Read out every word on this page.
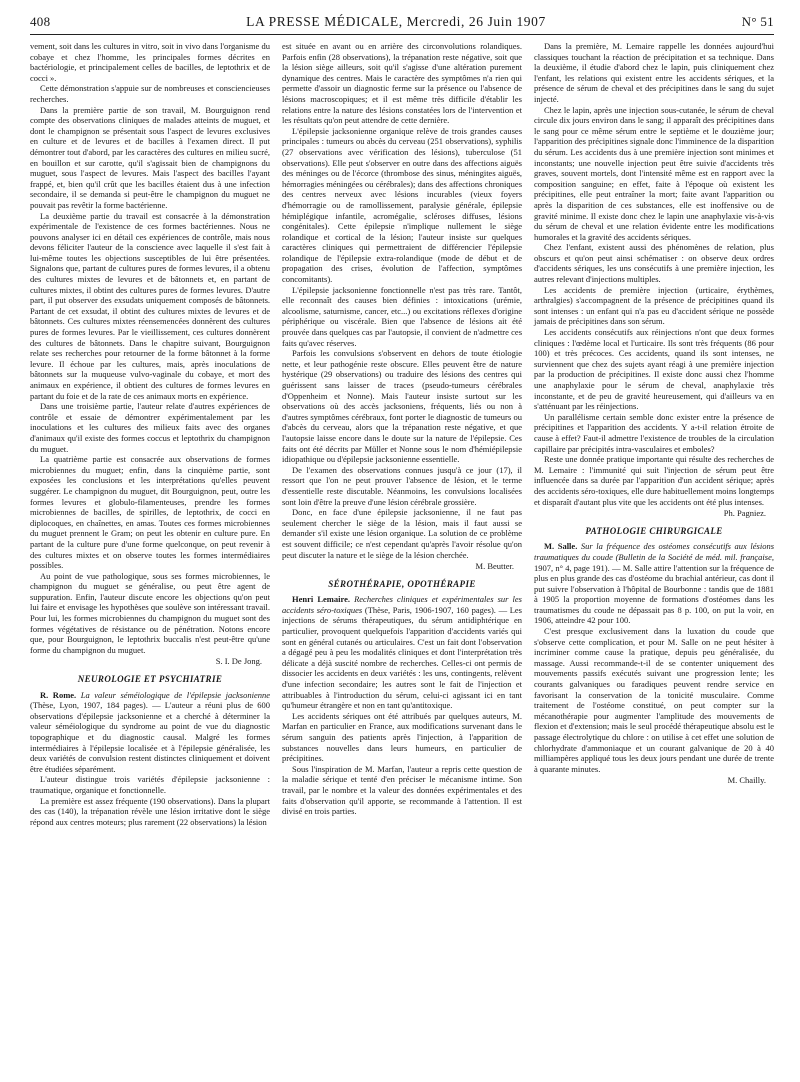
408	LA PRESSE MÉDICALE, Mercredi, 26 Juin 1907	N° 51

vement, soit dans les cultures in vitro, soit in vivo dans l'organisme du cobaye et chez l'homme, les principales formes décrites en bactériologie, et principalement celles de bacilles, de leptothrix et de cocci ».

Cette démonstration s'appuie sur de nombreuses et consciencieuses recherches.

Dans la première partie de son travail, M. Bourguignon rend compte des observations cliniques de malades atteints de muguet, et dont le champignon se présentait sous l'aspect de levures exclusives en culture et de levures et de bacilles à l'examen direct. Il put démontrer tout d'abord, par les caractères des cultures en milieu sucré, en bouillon et sur carotte, qu'il s'agissait bien de champignons du muguet, sous l'aspect de levures. Mais l'aspect des bacilles l'ayant frappé, et, bien qu'il crût que les bacilles étaient dus à une infection secondaire, il se demanda si peut-être le champignon du muguet ne pouvait pas revêtir la forme bactérienne.

La deuxième partie du travail est consacrée à la démonstration expérimentale de l'existence de ces formes bactériennes. Nous ne pouvons analyser ici en détail ces expériences de contrôle, mais nous devons féliciter l'auteur de la conscience avec laquelle il s'est fait à lui-même toutes les objections susceptibles de lui être présentées. Signalons que, partant de cultures pures de formes levures, il a obtenu des cultures mixtes de levures et de bâtonnets et, en partant de cultures mixtes, il obtint des cultures pures de formes levures. D'autre part, il put observer des exsudats uniquement composés de bâtonnets. Partant de cet exsudat, il obtint des cultures mixtes de levures et de bâtonnets. Ces cultures mixtes réensemencées donnèrent des cultures pures de formes levures. Par le vieillissement, ces cultures donnèrent des cultures de bâtonnets. Dans le chapitre suivant, Bourguignon relate ses recherches pour retourner de la forme bâtonnet à la forme levure. Il échoue par les cultures, mais, après inoculations de bâtonnets sur la muqueuse vulvo-vaginale du cobaye, et mort des animaux en expérience, il obtient des cultures de formes levures en partant du foie et de la rate de ces animaux morts en expérience.

Dans une troisième partie, l'auteur relate d'autres expériences de contrôle et essaie de démontrer expérimentalement par les inoculations et les cultures des milieux faits avec des organes d'animaux qu'il existe des formes coccus et leptothrix du champignon du muguet.

La quatrième partie est consacrée aux observations de formes microbiennes du muguet; enfin, dans la cinquième partie, sont exposées les conclusions et les interprétations qu'elles peuvent suggérer. Le champignon du muguet, dit Bourguignon, peut, outre les formes levures et globulo-filamenteuses, prendre les formes microbiennes de bacilles, de spirilles, de leptothrix, de cocci en diplocoques, en chaînettes, en amas. Toutes ces formes microbiennes du muguet prennent le Gram; on peut les obtenir en culture pure. En partant de la culture pure d'une forme quelconque, on peut revenir à des cultures mixtes et on observe toutes les formes intermédiaires possibles.

Au point de vue pathologique, sous ses formes microbiennes, le champignon du muguet se généralise, ou peut être agent de suppuration. Enfin, l'auteur discute encore les objections qu'on peut lui faire et envisage les hypothèses que soulève son intéressant travail. Pour lui, les formes microbiennes du champignon du muguet sont des formes végétatives de résistance ou de pénétration. Notons encore que, pour Bourguignon, le leptothrix buccalis n'est peut-être qu'une forme du champignon du muguet.

S. I. De Jong.
NEUROLOGIE ET PSYCHIATRIE

R. Rome. La valeur séméiologique de l'épilepsie jacksonienne (Thèse, Lyon, 1907, 184 pages). — L'auteur a réuni plus de 600 observations d'épilepsie jacksonienne et a cherché à déterminer la valeur séméiologique du syndrome au point de vue du diagnostic topographique et du diagnostic causal. Malgré les formes intermédiaires à l'épilepsie localisée et à l'épilepsie généralisée, les deux variétés de convulsion restent distinctes cliniquement et doivent être étudiées séparément.

L'auteur distingue trois variétés d'épilepsie jacksonienne : traumatique, organique et fonctionnelle.

La première est assez fréquente (190 observations). Dans la plupart des cas (140), la trépanation révèle une lésion irritative dont le siège répond aux centres moteurs; plus rarement (22 observations) la lésion

est située en avant ou en arrière des circonvolutions rolandiques. Parfois enfin (28 observations), la trépanation reste négative, soit que la lésion siège ailleurs, soit qu'il s'agisse d'une altération purement dynamique des centres. Mais le caractère des symptômes n'a rien qui permette d'assoir un diagnostic ferme sur la présence ou l'absence de lésions macroscopiques; et il est même très difficile d'établir les relations entre la nature des lésions constatées lors de l'intervention et les résultats qu'on peut attendre de cette dernière.

L'épilepsie jacksonienne organique relève de trois grandes causes principales : tumeurs ou abcès du cerveau (251 observations), syphilis (27 observations avec vérification des lésions), tuberculose (51 observations). Elle peut s'observer en outre dans des affections aiguës des méninges ou de l'écorce (thrombose des sinus, méningites aiguës, hémorragies méningées ou cérébrales); dans des affections chroniques des centres nerveux avec lésions incurables (vieux foyers d'hémorragie ou de ramollissement, paralysie générale, épilepsie hémiplégique infantile, acromégalie, scléroses diffuses, lésions congénitales). Cette épilepsie n'implique nullement le siège rolandique et cortical de la lésion; l'auteur insiste sur quelques caractères cliniques qui permettraient de différencier l'épilepsie rolandique de l'épilepsie extra-rolandique (mode de début et de propagation des crises, évolution de l'affection, symptômes concomitants).

L'épilepsie jacksonienne fonctionnelle n'est pas très rare. Tantôt, elle reconnaît des causes bien définies : intoxications (urémie, alcoolisme, saturnisme, cancer, etc...) ou excitations réflexes d'origine périphérique ou viscérale. Bien que l'absence de lésions ait été prouvée dans quelques cas par l'autopsie, il convient de n'admettre ces faits qu'avec réserves.

Parfois les convulsions s'observent en dehors de toute étiologie nette, et leur pathogénie reste obscure. Elles peuvent être de nature hystérique (29 observations) ou traduire des lésions des centres qui guérissent sans laisser de traces (pseudo-tumeurs cérébrales d'Oppenheim et Nonne). Mais l'auteur insiste surtout sur les observations où des accès jacksoniens, fréquents, liés ou non à d'autres symptômes cérébraux, font porter le diagnostic de tumeurs ou d'abcès du cerveau, alors que la trépanation reste négative, et que l'autopsie laisse encore dans le doute sur la nature de l'épilepsie. Ces faits ont été décrits par Müller et Nonne sous le nom d'hémiépilepsie idiopathique ou d'épilepsie jacksonienne essentielle.

De l'examen des observations connues jusqu'à ce jour (17), il ressort que l'on ne peut prouver l'absence de lésion, et le terme d'essentielle reste discutable. Néanmoins, les convulsions localisées sont loin d'être la preuve d'une lésion cérébrale grossière.

Donc, en face d'une épilepsie jacksonienne, il ne faut pas seulement chercher le siège de la lésion, mais il faut aussi se demander s'il existe une lésion organique. La solution de ce problème est souvent difficile; ce n'est cependant qu'après l'avoir résolue qu'on peut discuter la nature et le siège de la lésion cherchée.

M. Beutter.
SÉROTHÉRAPIE, OPOTHÉRAPIE

Henri Lemaire. Recherches cliniques et expérimentales sur les accidents séro-toxiques (Thèse, Paris, 1906-1907, 160 pages). — Les injections de sérums thérapeutiques, du sérum antidiphtérique en particulier, provoquent quelquefois l'apparition d'accidents variés qui sont en général cutanés ou articulaires. C'est un fait dont l'observation a dégagé peu à peu les modalités cliniques et dont l'interprétation très délicate a déjà suscité nombre de recherches. Celles-ci ont permis de dissocier les accidents en deux variétés : les uns, contingents, relèvent d'une infection secondaire; les autres sont le fait de l'injection et attribuables à l'introduction du sérum, celui-ci agissant ici en tant qu'humeur étrangère et non en tant qu'antitoxique.

Les accidents sériques ont été attribués par quelques auteurs, M. Marfan en particulier en France, aux modifications survenant dans le sérum sanguin des patients après l'injection, à l'apparition de substances nouvelles dans leurs humeurs, en particulier de précipitines.

Sous l'inspiration de M. Marfan, l'auteur a repris cette question de la maladie sérique et tenté d'en préciser le mécanisme intime. Son travail, par le nombre et la valeur des données expérimentales et des faits d'observation qu'il apporte, se recommande à l'attention. Il est divisé en trois parties.

Dans la première, M. Lemaire rappelle les données aujourd'hui classiques touchant la réaction de précipitation et sa technique. Dans la deuxième, il étudie d'abord chez le lapin, puis cliniquement chez l'enfant, les relations qui existent entre les accidents sériques, et la présence de sérum de cheval et des précipitines dans le sang du sujet injecté.

Chez le lapin, après une injection sous-cutanée, le sérum de cheval circule dix jours environ dans le sang; il apparaît des précipitines dans le sang pour ce même sérum entre le septième et le douzième jour; l'apparition des précipitines signale donc l'imminence de la disparition du sérum. Les accidents dus à une première injection sont minimes et inconstants; une nouvelle injection peut être suivie d'accidents très graves, souvent mortels, dont l'intensité même est en rapport avec la composition sanguine; en effet, faite à l'époque où existent les précipitines, elle peut entraîner la mort; faite avant l'apparition ou après la disparition de ces substances, elle est inoffensive ou de gravité minime. Il existe donc chez le lapin une anaphylaxie vis-à-vis du sérum de cheval et une relation évidente entre les modifications humorales et la gravité des accidents sériques.

Chez l'enfant, existent aussi des phénomènes de relation, plus obscurs et qu'on peut ainsi schématiser : on observe deux ordres d'accidents sériques, les uns consécutifs à une première injection, les autres relevant d'injections multiples.

Les accidents de première injection (urticaire, érythèmes, arthralgies) s'accompagnent de la présence de précipitines quand ils sont intenses : un enfant qui n'a pas eu d'accident sérique ne possède jamais de précipitines dans son sérum.

Les accidents consécutifs aux réinjections n'ont que deux formes cliniques : l'œdème local et l'urticaire. Ils sont très fréquents (86 pour 100) et très précoces. Ces accidents, quand ils sont intenses, ne surviennent que chez des sujets ayant réagi à une première injection par la production de précipitines. Il existe donc aussi chez l'homme une anaphylaxie pour le sérum de cheval, anaphylaxie très inconstante, et de peu de gravité heureusement, qui d'ailleurs va en s'atténuant par les réinjections.

Un parallélisme certain semble donc exister entre la présence de précipitines et l'apparition des accidents. Y a-t-il relation étroite de cause à effet? Faut-il admettre l'existence de troubles de la circulation capillaire par précipités intra-vasculaires et emboles?

Reste une donnée pratique importante qui résulte des recherches de M. Lemaire : l'immunité qui suit l'injection de sérum peut être influencée dans sa durée par l'apparition d'un accident sérique; après des accidents séro-toxiques, elle dure habituellement moins longtemps et disparaît d'autant plus vite que les accidents ont été plus intenses.

Ph. Pagniez.
PATHOLOGIE CHIRURGICALE

M. Salle. Sur la fréquence des ostéomes consécutifs aux lésions traumatiques du coude (Bulletin de la Société de méd. mil. française, 1907, n° 4, page 191). — M. Salle attire l'attention sur la fréquence de plus en plus grande des cas d'ostéome du brachial antérieur, cas dont il put suivre l'observation à l'hôpital de Bourbonne : tandis que de 1881 à 1905 la proportion moyenne de formations d'ostéomes dans les traumatismes du coude ne dépassait pas 8 p. 100, on put la voir, en 1906, atteindre 42 pour 100.

C'est presque exclusivement dans la luxation du coude que s'observe cette complication, et pour M. Salle on ne peut hésiter à incriminer comme cause la pratique, depuis peu généralisée, du massage. Aussi recommande-t-il de se contenter uniquement des mouvements passifs exécutés suivant une progression lente; les courants galvaniques ou faradiques peuvent rendre service en favorisant la conservation de la tonicité musculaire. Comme traitement de l'ostéome constitué, on peut compter sur la mécanothérapie pour augmenter l'amplitude des mouvements de flexion et d'extension; mais le seul procédé thérapeutique absolu est le passage électrolytique du chlore : on utilise à cet effet une solution de chlorhydrate d'ammoniaque et un courant galvanique de 20 à 40 milliampères appliqué tous les deux jours pendant une durée de trente à quarante minutes.

M. Chailly.
